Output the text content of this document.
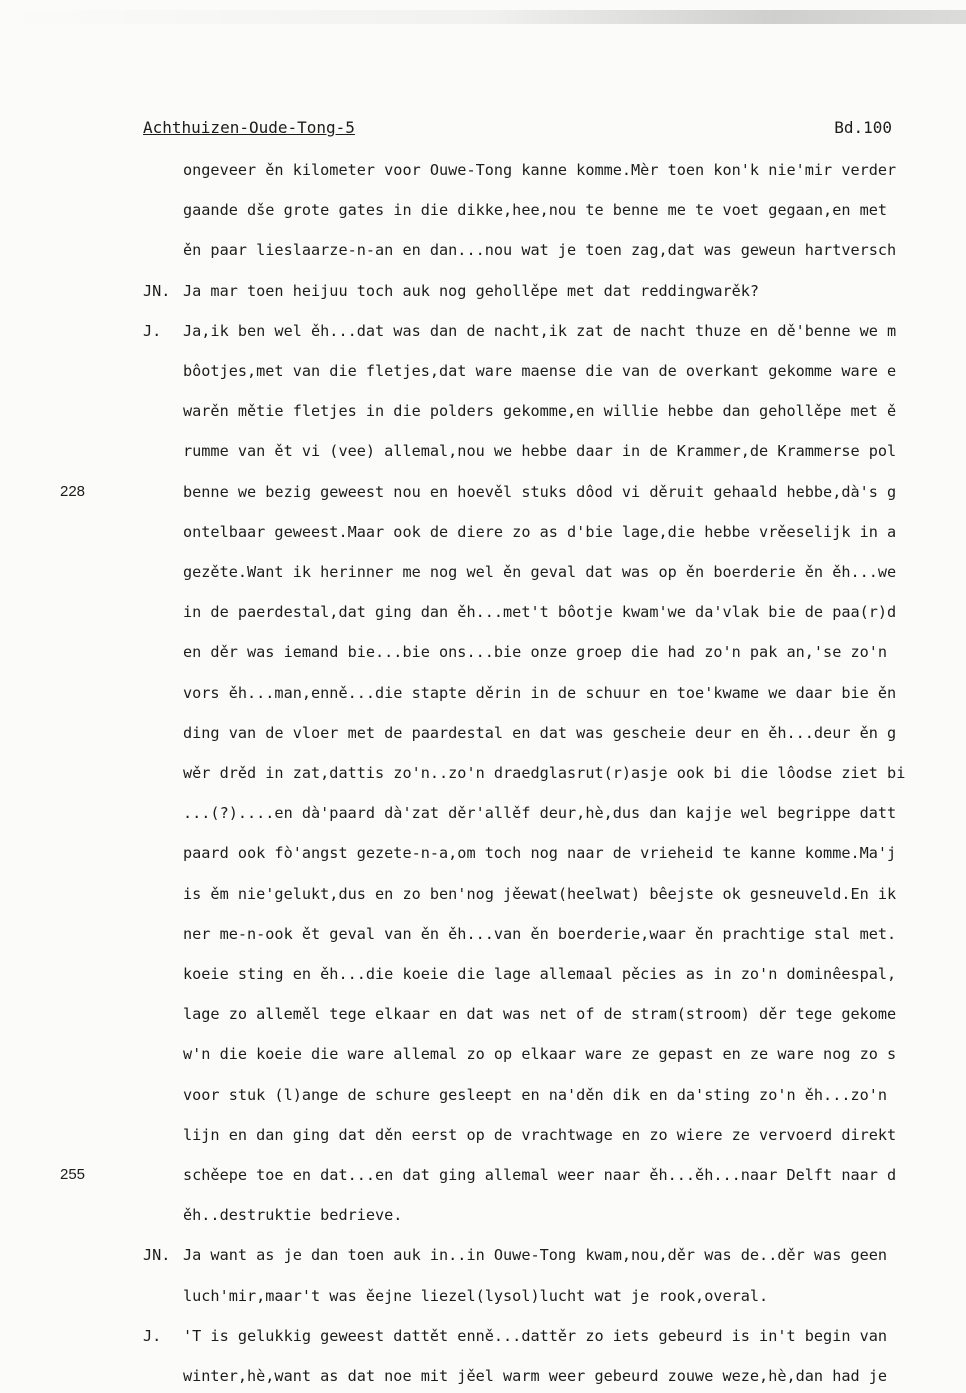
Achthuizen-Oude-Tong-5	Bd.100
ongeveer ěn kilometer voor Ouwe-Tong kanne komme.Mèr toen kon'k nie'mir verder
gaande dše grote gates in die dikke,hee,nou te benne me te voet gegaan,en met
ěn paar lieslaarze-n-an en dan...nou wat je toen zag,dat was geweun hartversch
JN. Ja mar toen heijuu toch auk nog gehollěpe met dat reddingwarěk?
J. Ja,ik ben wel ěh...dat was dan de nacht,ik zat de nacht thuze en dě'benne we m
bôotjes,met van die fletjes,dat ware maense die van de overkant gekomme ware e
warěn mětie fletjes in die polders gekomme,en willie hebbe dan gehollěpe met ě
rumme van ět vi (vee) allemal,nou we hebbe daar in de Krammer,de Krammerse pol
228	benne we bezig geweest nou en hoevěl stuks dôod vi děruit gehaald hebbe,dà's g
ontelbaar geweest.Maar ook de diere zo as d'bie lage,die hebbe vrěeselijk in a
gezěte.Want ik herinner me nog wel ěn geval dat was op ěn boerderie ěn ěh...we
in de paerdestal,dat ging dan ěh...met't bôotje kwam'we da'vlak bie de paa(r)d
en děr was iemand bie...bie ons...bie onze groep die had zo'n pak an,'se zo'n
vors ěh...man,enně...die stapte děrin in de schuur en toe'kwame we daar bie ěn
ding van de vloer met de paardestal en dat was gescheie deur en ěh...deur ěn g
wěr drěd in zat,dattis zo'n..zo'n draedglasrut(r)asje ook bi die lôodse ziet bi
...(?)....en dà'paard dà'zat děr'allěf deur,hè,dus dan kajje wel begrippe datt
paard ook fò'angst gezete-n-a,om toch nog naar de vrieheid te kanne komme.Ma'j
is ěm nie'gelukt,dus en zo ben'nog jěewat(heelwat) bêejste ok gesneuveld.En ik
ner me-n-ook ět geval van ěn ěh...van ěn boerderie,waar ěn prachtige stal met.
koeie sting en ěh...die koeie die lage allemaal pěcies as in zo'n dominêespal,
lage zo alleměl tege elkaar en dat was net of de stram(stroom) děr tege gekome
w'n die koeie die ware allemal zo op elkaar ware ze gepast en ze ware nog zo s
voor stuk (l)ange de schure gesleept en na'děn dik en da'sting zo'n ěh...zo'n
lijn en dan ging dat děn eerst op de vrachtwage en zo wiere ze vervoerd direkt
255	schěepe toe en dat...en dat ging allemal weer naar ěh...ěh...naar Delft naar d
ěh..destruktie bedrieve.
JN. Ja want as je dan toen auk in..in Ouwe-Tong kwam,nou,děr was de..děr was geen
luch'mir,maar't was ěejne liezel(lysol)lucht wat je rook,overal.
J. 'T is gelukkig geweest dattět enně...dattěr zo iets gebeurd is in't begin van
winter,hè,want as dat noe mit jěel warm weer gebeurd zouwe weze,hè,dan had je
